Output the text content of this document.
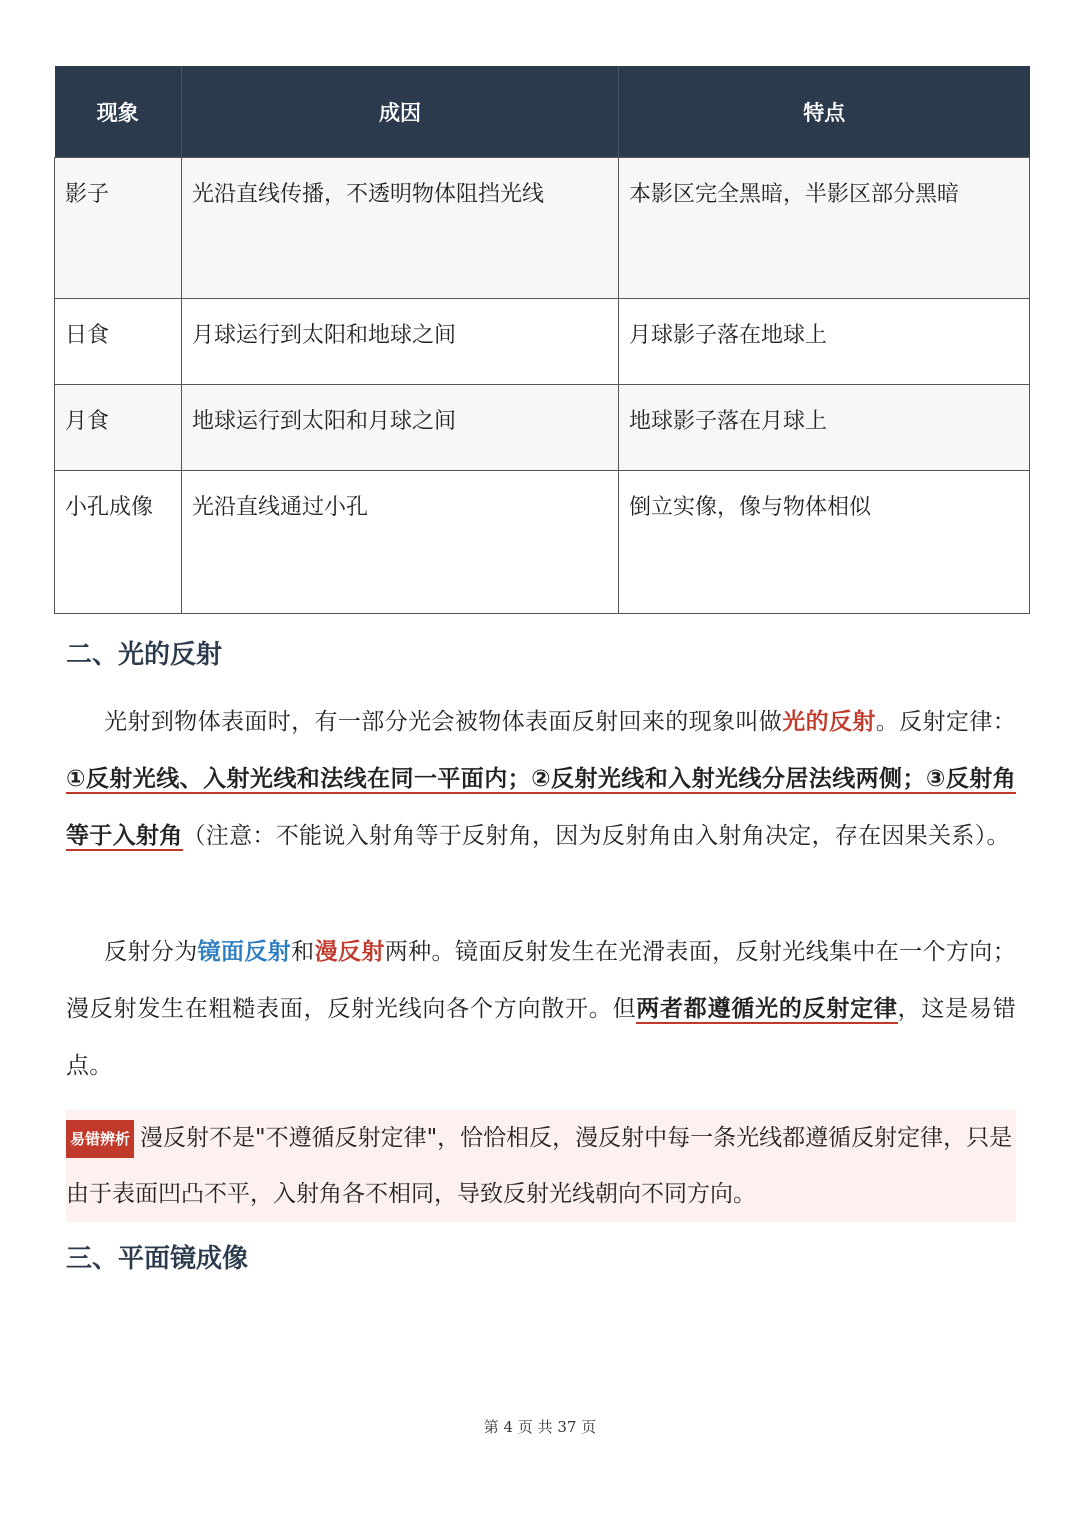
现象	成因	特点
影子	光沿直线传播，不透明物体阻挡光线	本影区完全黑暗，半影区部分黑暗
日食	月球运行到太阳和地球之间	月球影子落在地球上
月食	地球运行到太阳和月球之间	地球影子落在月球上
小孔成像	光沿直线通过小孔	倒立实像，像与物体相似
二、光的反射

光射到物体表面时，有一部分光会被物体表面反射回来的现象叫做光的反射。反射定律：①反射光线、入射光线和法线在同一平面内；②反射光线和入射光线分居法线两侧；③反射角等于入射角（注意：不能说入射角等于反射角，因为反射角由入射角决定，存在因果关系）。

反射分为镜面反射和漫反射两种。镜面反射发生在光滑表面，反射光线集中在一个方向；漫反射发生在粗糙表面，反射光线向各个方向散开。但两者都遵循光的反射定律，这是易错点。

易错辨析 漫反射不是"不遵循反射定律"，恰恰相反，漫反射中每一条光线都遵循反射定律，只是由于表面凹凸不平，入射角各不相同，导致反射光线朝向不同方向。
三、平面镜成像
第 4 页 共 37 页
